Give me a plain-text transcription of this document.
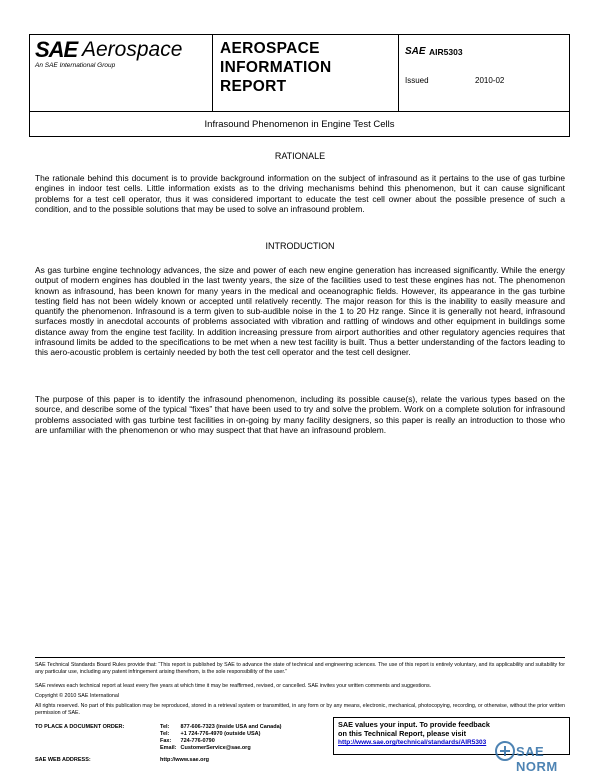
SAE Aerospace
An SAE International Group
AEROSPACE
INFORMATION
REPORT
SAE AIR5303
Issued	2010-02
Infrasound Phenomenon in Engine Test Cells
RATIONALE
The rationale behind this document is to provide background information on the subject of infrasound as it pertains to the use of gas turbine engines in indoor test cells. Little information exists as to the driving mechanisms behind this phenomenon, but it can cause significant problems for a test cell operator, thus it was considered important to educate the test cell owner about the possible presence of such a condition, and to the possible solutions that may be used to solve an infrasound problem.
INTRODUCTION
As gas turbine engine technology advances, the size and power of each new engine generation has increased significantly. While the energy output of modern engines has doubled in the last twenty years, the size of the facilities used to test these engines has not. The phenomenon known as infrasound, has been known for many years in the medical and oceanographic fields. However, its appearance in the gas turbine testing field has not been widely known or accepted until relatively recently. The major reason for this is the inability to easily measure and quantify the phenomenon. Infrasound is a term given to sub-audible noise in the 1 to 20 Hz range. Since it is generally not heard, infrasound surfaces mostly in anecdotal accounts of problems associated with vibration and rattling of windows and other equipment in buildings some distance away from the engine test facility. In addition increasing pressure from airport authorities and other regulatory agencies requires that infrasound limits be added to the specifications to be met when a new test facility is built. Thus a better understanding of the factors leading to this aero-acoustic problem is certainly needed by both the test cell operator and the test cell designer.
The purpose of this paper is to identify the infrasound phenomenon, including its possible cause(s), relate the various types based on the source, and describe some of the typical “fixes” that have been used to try and solve the problem. Work on a complete solution for infrasound problems associated with gas turbine test facilities in on-going by many facility designers, so this paper is really an introduction to those who are unfamiliar with the phenomenon or who may suspect that that have an infrasound problem.
SAE Technical Standards Board Rules provide that: “This report is published by SAE to advance the state of technical and engineering sciences. The use of this report is entirely voluntary, and its applicability and suitability for any particular use, including any patent infringement arising therefrom, is the sole responsibility of the user.”
SAE reviews each technical report at least every five years at which time it may be reaffirmed, revised, or cancelled. SAE invites your written comments and suggestions.
Copyright © 2010 SAE International
All rights reserved. No part of this publication may be reproduced, stored in a retrieval system or transmitted, in any form or by any means, electronic, mechanical, photocopying, recording, or otherwise, without the prior written permission of SAE.
TO PLACE A DOCUMENT ORDER:	Tel:	877-606-7323 (inside USA and Canada)
Tel:	+1 724-776-4970 (outside USA)
Fax:	724-776-0790
Email:	CustomerService@sae.org
SAE WEB ADDRESS:	http://www.sae.org
SAE values your input. To provide feedback
on this Technical Report, please visit
http://www.sae.org/technical/standards/AIR5303
SAE NORM
